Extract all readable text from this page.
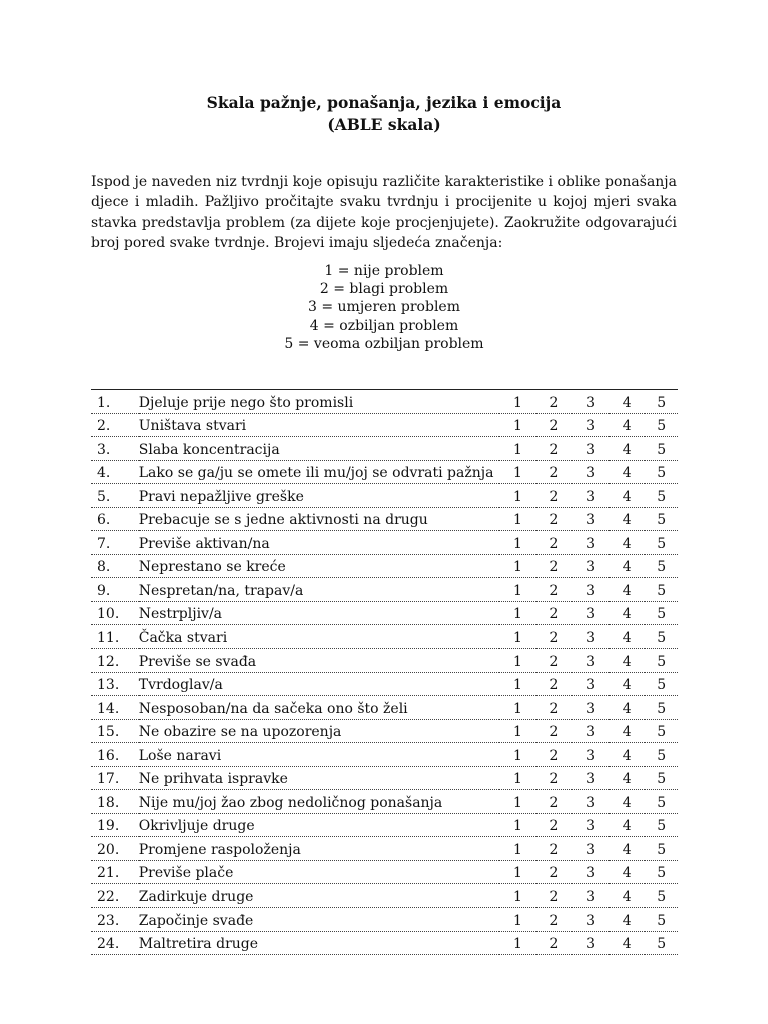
Skala pažnje, ponašanja, jezika i emocija
(ABLE skala)
Ispod je naveden niz tvrdnji koje opisuju različite karakteristike i oblike ponašanja djece i mladih. Pažljivo pročitajte svaku tvrdnju i procijenite u kojoj mjeri svaka stavka predstavlja problem (za dijete koje procjenjujete). Zaokružite odgovarajući broj pored svake tvrdnje. Brojevi imaju sljedeća značenja:
1 = nije problem
2 = blagi problem
3 = umjeren problem
4 = ozbiljan problem
5 = veoma ozbiljan problem
1.	Djeluje prije nego što promisli	1	2	3	4	5
2.	Uništava stvari	1	2	3	4	5
3.	Slaba koncentracija	1	2	3	4	5
4.	Lako se ga/ju se omete ili mu/joj se odvrati pažnja	1	2	3	4	5
5.	Pravi nepažljive greške	1	2	3	4	5
6.	Prebacuje se s jedne aktivnosti na drugu	1	2	3	4	5
7.	Previše aktivan/na	1	2	3	4	5
8.	Neprestano se kreće	1	2	3	4	5
9.	Nespretan/na, trapav/a	1	2	3	4	5
10.	Nestrpljiv/a	1	2	3	4	5
11.	Čačka stvari	1	2	3	4	5
12.	Previše se svađa	1	2	3	4	5
13.	Tvrdoglav/a	1	2	3	4	5
14.	Nesposoban/na da sačeka ono što želi	1	2	3	4	5
15.	Ne obazire se na upozorenja	1	2	3	4	5
16.	Loše naravi	1	2	3	4	5
17.	Ne prihvata ispravke	1	2	3	4	5
18.	Nije mu/joj žao zbog nedoličnog ponašanja	1	2	3	4	5
19.	Okrivljuje druge	1	2	3	4	5
20.	Promjene raspoloženja	1	2	3	4	5
21.	Previše plače	1	2	3	4	5
22.	Zadirkuje druge	1	2	3	4	5
23.	Započinje svađe	1	2	3	4	5
24.	Maltretira druge	1	2	3	4	5
